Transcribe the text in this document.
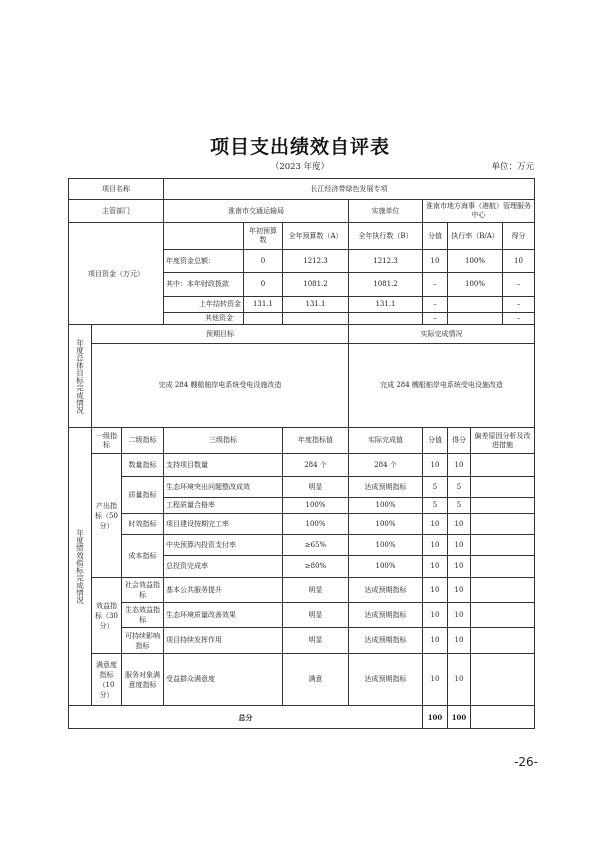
项目支出绩效自评表
（2023 年度）	单位：万元
项目名称			长江经济带绿色发展专项							
主管部门			淮南市交通运输局			实施单位	淮南市地方海事（港航）管理服务中心			
项目资金（万元）				年初预算数	全年预算数（A）	全年执行数（B）	分值	执行率（B/A）		得分
			年度资金总额：	0	1212.3	1212.3	10	100%		10
			其中：本年财政拨款	0	1081.2	1081.2	–	100%		–
			上年结转资金	131.1	131.1	131.1	–			–
			其他资金				–			–
年度总体目标完成情况	预期目标					实际完成情况				
	完成 284 艘船舶岸电系统受电设施改造					完成 284 艘船舶岸电系统受电设施改造				
年度绩效指标完成情况	一级指标	二级指标	三级指标		年度指标值	实际完成值	分值	得分	偏差原因分析及改进措施	
	产出指标（50分）	数量指标	支持项目数量		284 个	284 个	10	10		
		质量指标	生态环境突出问题整改成效		明显	达成预期指标	5	5		
			工程质量合格率		100%	100%	5	5		
		时效指标	项目建设按期完工率		100%	100%	10	10		
		成本指标	中央预算内投资支付率		≥65%	100%	10	10		
			总投资完成率		≥80%	100%	10	10		
	效益指标（30分）	社会效益指标	基本公共服务提升		明显	达成预期指标	10	10		
		生态效益指标	生态环境质量改善效果		明显	达成预期指标	10	10		
		可持续影响指标	项目持续发挥作用		明显	达成预期指标	10	10		
	满意度指标（10分）	服务对象满意度指标	受益群众满意度		满意	达成预期指标	10	10		
总分							100	100		
-26-
